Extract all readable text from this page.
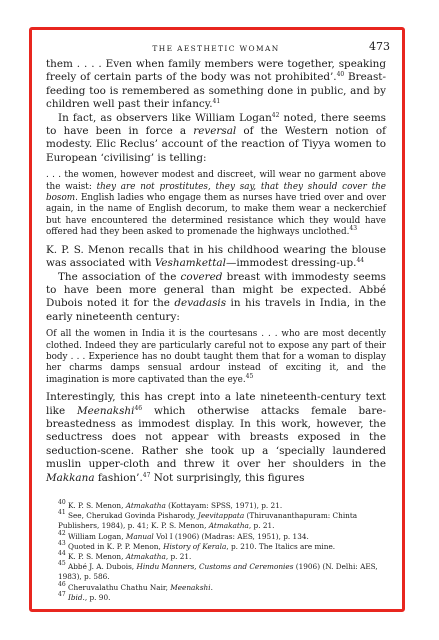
THE AESTHETIC WOMAN	473

them . . . . Even when family members were together, speaking freely of certain parts of the body was not prohibited’.$^{40}$ Breast-feeding too is remembered as something done in public, and by children well past their infancy.$^{41}$

In fact, as observers like William Logan$^{42}$ noted, there seems to have been in force a reversal of the Western notion of modesty. Elic Reclus’ account of the reaction of Tiyya women to European ‘civilising’ is telling:

. . . the women, however modest and discreet, will wear no garment above the waist: they are not prostitutes, they say, that they should cover the bosom. English ladies who engage them as nurses have tried over and over again, in the name of English decorum, to make them wear a neckerchief but have encountered the determined resistance which they would have offered had they been asked to promenade the highways unclothed.$^{43}$

K. P. S. Menon recalls that in his childhood wearing the blouse was associated with Veshamkettal—immodest dressing-up.$^{44}$

The association of the covered breast with immodesty seems to have been more general than might be expected. Abbé Dubois noted it for the devadasis in his travels in India, in the early nineteenth century:

Of all the women in India it is the courtesans . . . who are most decently clothed. Indeed they are particularly careful not to expose any part of their body . . . Experience has no doubt taught them that for a woman to display her charms damps sensual ardour instead of exciting it, and the imagination is more captivated than the eye.$^{45}$

Interestingly, this has crept into a late nineteenth-century text like Meenakshi$^{46}$ which otherwise attacks female bare-breastedness as immodest display. In this work, however, the seductress does not appear with breasts exposed in the seduction-scene. Rather she took up a ‘specially laundered muslin upper-cloth and threw it over her shoulders in the Makkana fashion’.$^{47}$ Not surprisingly, this figures

$^{40}$ K. P. S. Menon, Atmakatha (Kottayam: SPSS, 1971), p. 21.

$^{41}$ See, Cherukad Govinda Pisharody, Jeevitappata (Thiruvananthapuram: Chinta Publishers, 1984), p. 41; K. P. S. Menon, Atmakatha, p. 21.

$^{42}$ William Logan, Manual Vol I (1906) (Madras: AES, 1951), p. 134.

$^{43}$ Quoted in K. P. P. Menon, History of Kerala, p. 210. The Italics are mine.

$^{44}$ K. P. S. Menon, Atmakatha, p. 21.

$^{45}$ Abbé J. A. Dubois, Hindu Manners, Customs and Ceremonies (1906) (N. Delhi: AES, 1983), p. 586.

$^{46}$ Cheruvalathu Chathu Nair, Meenakshi.

$^{47}$ Ibid., p. 90.
